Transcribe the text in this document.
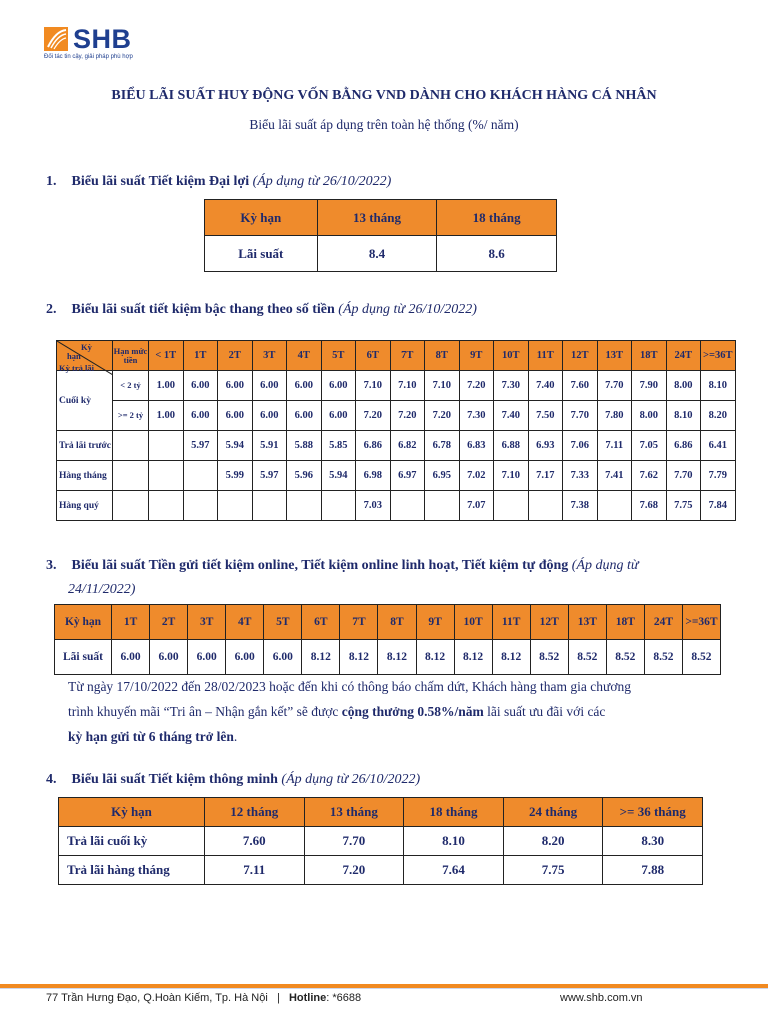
SHB
Đối tác tin cậy, giải pháp phù hợp
BIỂU LÃI SUẤT HUY ĐỘNG VỐN BẰNG VND DÀNH CHO KHÁCH HÀNG CÁ NHÂN
Biểu lãi suất áp dụng trên toàn hệ thống (%/ năm)
1. Biểu lãi suất Tiết kiệm Đại lợi (Áp dụng từ 26/10/2022)
Kỳ hạn	13 tháng	18 tháng
Lãi suất	8.4	8.6
2. Biểu lãi suất tiết kiệm bậc thang theo số tiền (Áp dụng từ 26/10/2022)
Kỳ
hạn
Kỳ trả lãi	Hạn mức tiền	< 1T	1T	2T	3T	4T	5T	6T	7T	8T	9T	10T	11T	12T	13T	18T	24T	>=36T
Cuối kỳ	< 2 tỷ	1.00	6.00	6.00	6.00	6.00	6.00	7.10	7.10	7.10	7.20	7.30	7.40	7.60	7.70	7.90	8.00	8.10
	>= 2 tỷ	1.00	6.00	6.00	6.00	6.00	6.00	7.20	7.20	7.20	7.30	7.40	7.50	7.70	7.80	8.00	8.10	8.20
Trả lãi trước			5.97	5.94	5.91	5.88	5.85	6.86	6.82	6.78	6.83	6.88	6.93	7.06	7.11	7.05	6.86	6.41
Hàng tháng				5.99	5.97	5.96	5.94	6.98	6.97	6.95	7.02	7.10	7.17	7.33	7.41	7.62	7.70	7.79
Hàng quý								7.03			7.07			7.38		7.68	7.75	7.84
3. Biểu lãi suất Tiền gửi tiết kiệm online, Tiết kiệm online linh hoạt, Tiết kiệm tự động (Áp dụng từ
24/11/2022)
Kỳ hạn	1T	2T	3T	4T	5T	6T	7T	8T	9T	10T	11T	12T	13T	18T	24T	>=36T
Lãi suất	6.00	6.00	6.00	6.00	6.00	8.12	8.12	8.12	8.12	8.12	8.12	8.52	8.52	8.52	8.52	8.52
Từ ngày 17/10/2022 đến 28/02/2023 hoặc đến khi có thông báo chấm dứt, Khách hàng tham gia chương
trình khuyến mãi “Tri ân – Nhận gắn kết” sẽ được cộng thưởng 0.58%/năm lãi suất ưu đãi với các
kỳ hạn gửi từ 6 tháng trở lên.
4. Biểu lãi suất Tiết kiệm thông minh (Áp dụng từ 26/10/2022)
Kỳ hạn	12 tháng	13 tháng	18 tháng	24 tháng	>= 36 tháng
Trả lãi cuối kỳ	7.60	7.70	8.10	8.20	8.30
Trả lãi hàng tháng	7.11	7.20	7.64	7.75	7.88
77 Trần Hưng Đạo, Q.Hoàn Kiếm, Tp. Hà Nội | Hotline: *6688	www.shb.com.vn
